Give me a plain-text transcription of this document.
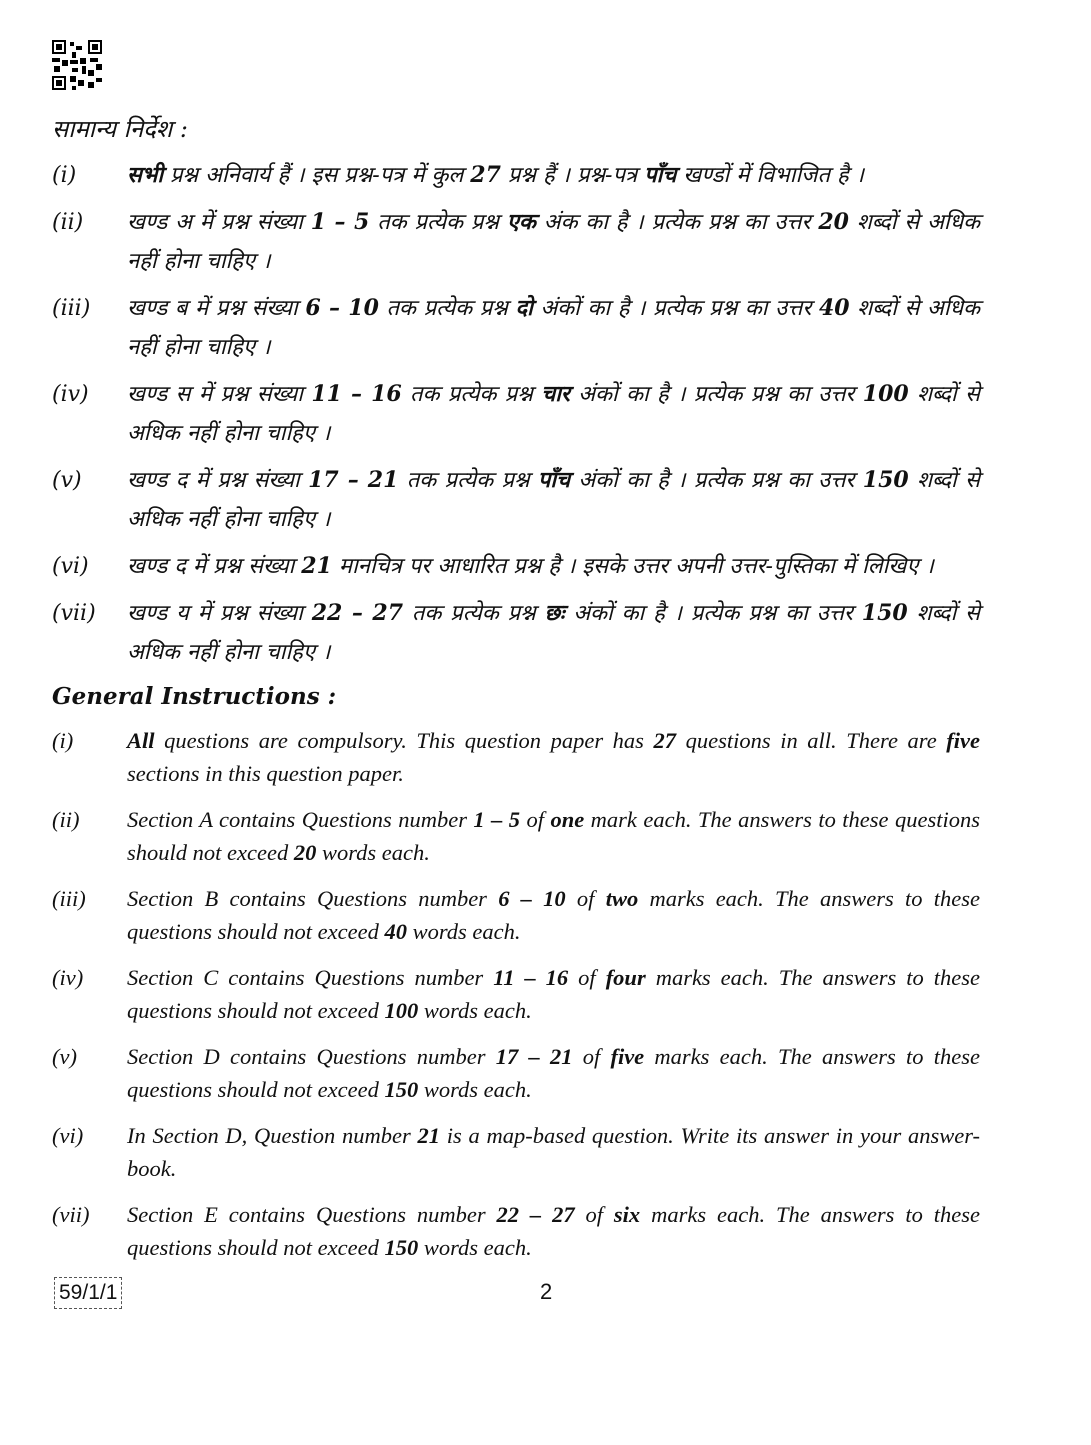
सामान्य निर्देश :
(i)	सभी प्रश्न अनिवार्य हैं । इस प्रश्न-पत्र में कुल 27 प्रश्न हैं । प्रश्न-पत्र पाँच खण्डों में विभाजित है ।
(ii)	खण्ड अ में प्रश्न संख्या 1 – 5 तक प्रत्येक प्रश्न एक अंक का है । प्रत्येक प्रश्न का उत्तर 20 शब्दों से अधिक नहीं होना चाहिए ।
(iii)	खण्ड ब में प्रश्न संख्या 6 – 10 तक प्रत्येक प्रश्न दो अंकों का है । प्रत्येक प्रश्न का उत्तर 40 शब्दों से अधिक नहीं होना चाहिए ।
(iv)	खण्ड स में प्रश्न संख्या 11 – 16 तक प्रत्येक प्रश्न चार अंकों का है । प्रत्येक प्रश्न का उत्तर 100 शब्दों से अधिक नहीं होना चाहिए ।
(v)	खण्ड द में प्रश्न संख्या 17 – 21 तक प्रत्येक प्रश्न पाँच अंकों का है । प्रत्येक प्रश्न का उत्तर 150 शब्दों से अधिक नहीं होना चाहिए ।
(vi)	खण्ड द में प्रश्न संख्या 21 मानचित्र पर आधारित प्रश्न है । इसके उत्तर अपनी उत्तर-पुस्तिका में लिखिए ।
(vii)	खण्ड य में प्रश्न संख्या 22 – 27 तक प्रत्येक प्रश्न छः अंकों का है । प्रत्येक प्रश्न का उत्तर 150 शब्दों से अधिक नहीं होना चाहिए ।
General Instructions :
(i)	All questions are compulsory. This question paper has 27 questions in all. There are five sections in this question paper.
(ii)	Section A contains Questions number 1 – 5 of one mark each. The answers to these questions should not exceed 20 words each.
(iii)	Section B contains Questions number 6 – 10 of two marks each. The answers to these questions should not exceed 40 words each.
(iv)	Section C contains Questions number 11 – 16 of four marks each. The answers to these questions should not exceed 100 words each.
(v)	Section D contains Questions number 17 – 21 of five marks each. The answers to these questions should not exceed 150 words each.
(vi)	In Section D, Question number 21 is a map-based question. Write its answer in your answer-book.
(vii)	Section E contains Questions number 22 – 27 of six marks each. The answers to these questions should not exceed 150 words each.
59/1/1	2
